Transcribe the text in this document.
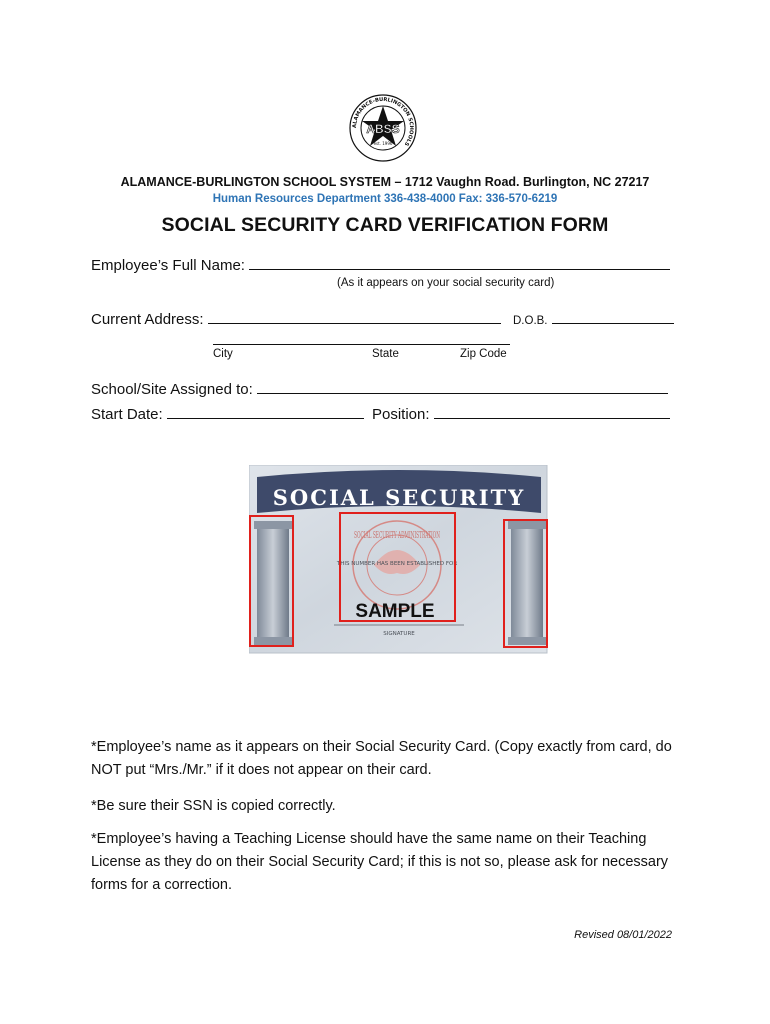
ALAMANCE-BURLINGTON SCHOOLS
ABSS
est. 1996
ALAMANCE-BURLINGTON SCHOOL SYSTEM – 1712 Vaughn Road. Burlington, NC 27217
Human Resources Department 336-438-4000 Fax: 336-570-6219
SOCIAL SECURITY CARD VERIFICATION FORM
Employee’s Full Name:
(As it appears on your social security card)
Current Address:	D.O.B.
City	State	Zip Code
School/Site Assigned to:
Start Date:	Position:
SOCIAL SECURITY
SOCIAL SECURITY ADMINISTRATION
THIS NUMBER HAS BEEN ESTABLISHED FOR
SAMPLE
SIGNATURE
*Employee’s name as it appears on their Social Security Card. (Copy exactly from card, do NOT put “Mrs./Mr.” if it does not appear on their card.
*Be sure their SSN is copied correctly.
*Employee’s having a Teaching License should have the same name on their Teaching License as they do on their Social Security Card; if this is not so, please ask for necessary forms for a correction.
Revised 08/01/2022
